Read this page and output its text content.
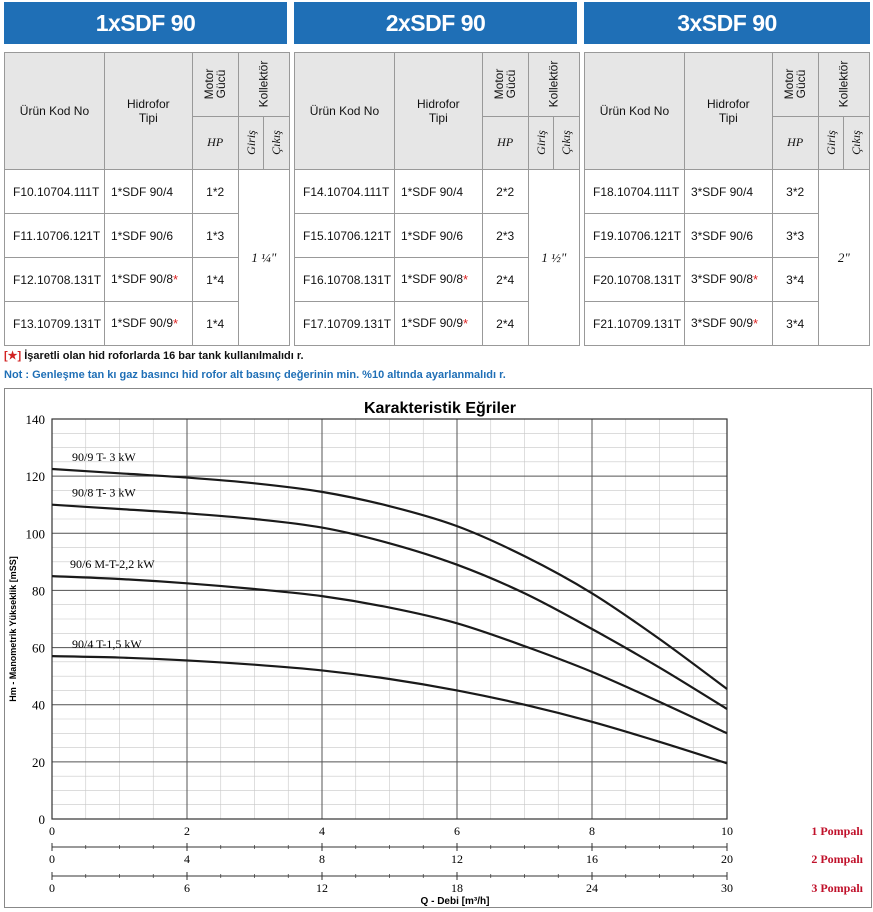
1xSDF 90	2xSDF 90	3xSDF 90
Ürün Kod No	Hidrofor Tipi	Motor Gücü	Kollektör	
		HP	Giriş	Çıkış
F10.10704.111T	1*SDF 90/4	1*2	1 ¼"	
F11.10706.121T	1*SDF 90/6	1*3		
F12.10708.131T	1*SDF 90/8*	1*4		
F13.10709.131T	1*SDF 90/9*	1*4		
Ürün Kod No	Hidrofor Tipi	Motor Gücü	Kollektör	
		HP	Giriş	Çıkış
F14.10704.111T	1*SDF 90/4	2*2	1 ½"	
F15.10706.121T	1*SDF 90/6	2*3		
F16.10708.131T	1*SDF 90/8*	2*4		
F17.10709.131T	1*SDF 90/9*	2*4		
Ürün Kod No	Hidrofor Tipi	Motor Gücü	Kollektör	
		HP	Giriş	Çıkış
F18.10704.111T	3*SDF 90/4	3*2	2"	
F19.10706.121T	3*SDF 90/6	3*3		
F20.10708.131T	3*SDF 90/8*	3*4		
F21.10709.131T	3*SDF 90/9*	3*4		
[★] İşaretli olan hid roforlarda 16 bar tank kullanılmalıdı r.
Not : Genleşme tan kı gaz basıncı hid rofor alt basınç değerinin min. %10 altında ayarlanmalıdı r.
Karakteristik Eğriler
0
20
40
60
80
100
120
140
Hm - Manometrik Yükseklik [mSS]
0	2	4	6	8	10	1 Pompalı
0	4	8	12	16	20	2 Pompalı
0	6	12	18	24	30	3 Pompalı
Q - Debi [m³/h]
90/9 T- 3 kW
90/8 T- 3 kW
90/6 M-T-2,2 kW
90/4 T-1,5 kW
